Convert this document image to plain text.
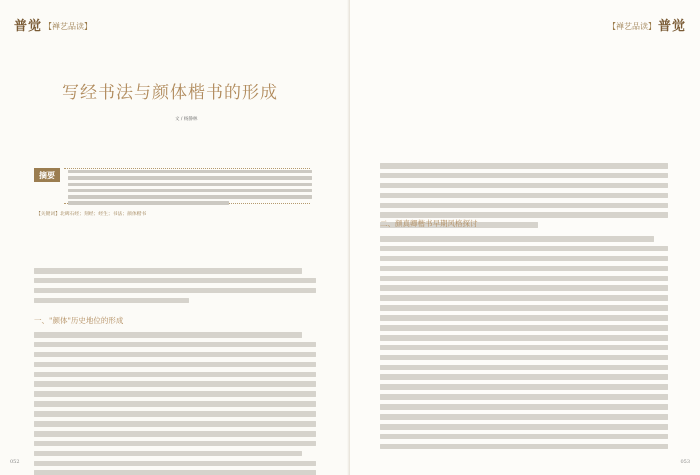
普觉 【禅艺品读】
写经书法与颜体楷书的形成
文 / 杨静林
摘要
【关键词】北碑石经；刻经；经生；书法；颜体楷书
一、"颜体"历史地位的形成
052
【禅艺品读】 普觉
二、颜真卿楷书早期风格探讨
053
